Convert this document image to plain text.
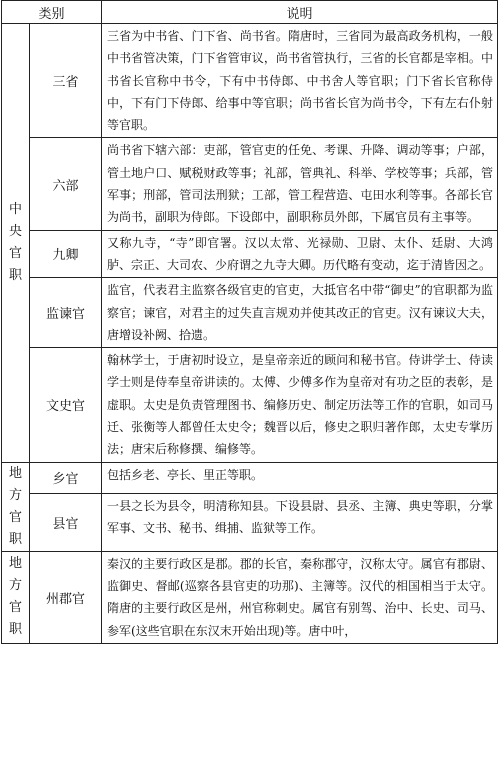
类别		说明

中
央
官
职	三省	三省为中书省、门下省、尚书省。隋唐时，三省同为最高政务机构，一般中书省管决策，门下省管审议，尚书省管执行，三省的长官都是宰相。中书省长官称中书令，下有中书侍郎、中书舍人等官职；门下省长官称侍中，下有门下侍郎、给事中等官职；尚书省长官为尚书令，下有左右仆射等官职。
	六部	尚书省下辖六部：吏部，管官吏的任免、考课、升降、调动等事；户部，管土地户口、赋税财政等事；礼部，管典礼、科举、学校等事；兵部，管军事；刑部，管司法刑狱；工部，管工程营造、屯田水利等事。各部长官为尚书，副职为侍郎。下设郎中，副职称员外郎，下属官员有主事等。
	九卿	又称九寺，“寺”即官署。汉以太常、光禄勋、卫尉、太仆、廷尉、大鸿胪、宗正、大司农、少府谓之九寺大卿。历代略有变动，迄于清皆因之。
	监谏官	监官，代表君主监察各级官吏的官吏，大抵官名中带“御史”的官职都为监察官；谏官，对君主的过失直言规劝并使其改正的官吏。汉有谏议大夫，唐增设补阙、拾遗。
	文史官	翰林学士，于唐初时设立，是皇帝亲近的顾问和秘书官。侍讲学士、侍读学士则是侍奉皇帝讲读的。太傅、少傅多作为皇帝对有功之臣的表彰，是虚职。太史是负责管理图书、编修历史、制定历法等工作的官职，如司马迁、张衡等人都曾任太史令；魏晋以后，修史之职归著作郎，太史专掌历法；唐宋后称修撰、编修等。

地
方
官
职	乡官	包括乡老、亭长、里正等职。
	县官	一县之长为县令，明清称知县。下设县尉、县丞、主簿、典史等职，分掌军事、文书、秘书、缉捕、监狱等工作。

地
方
官
职	州郡官	秦汉的主要行政区是郡。郡的长官，秦称郡守，汉称太守。属官有郡尉、监御史、督邮(巡察各县官吏的功那)、主簿等。汉代的相国相当于太守。隋唐的主要行政区是州，州官称刺史。属官有别驾、治中、长史、司马、参军(这些官职在东汉末开始出现)等。唐中叶，
